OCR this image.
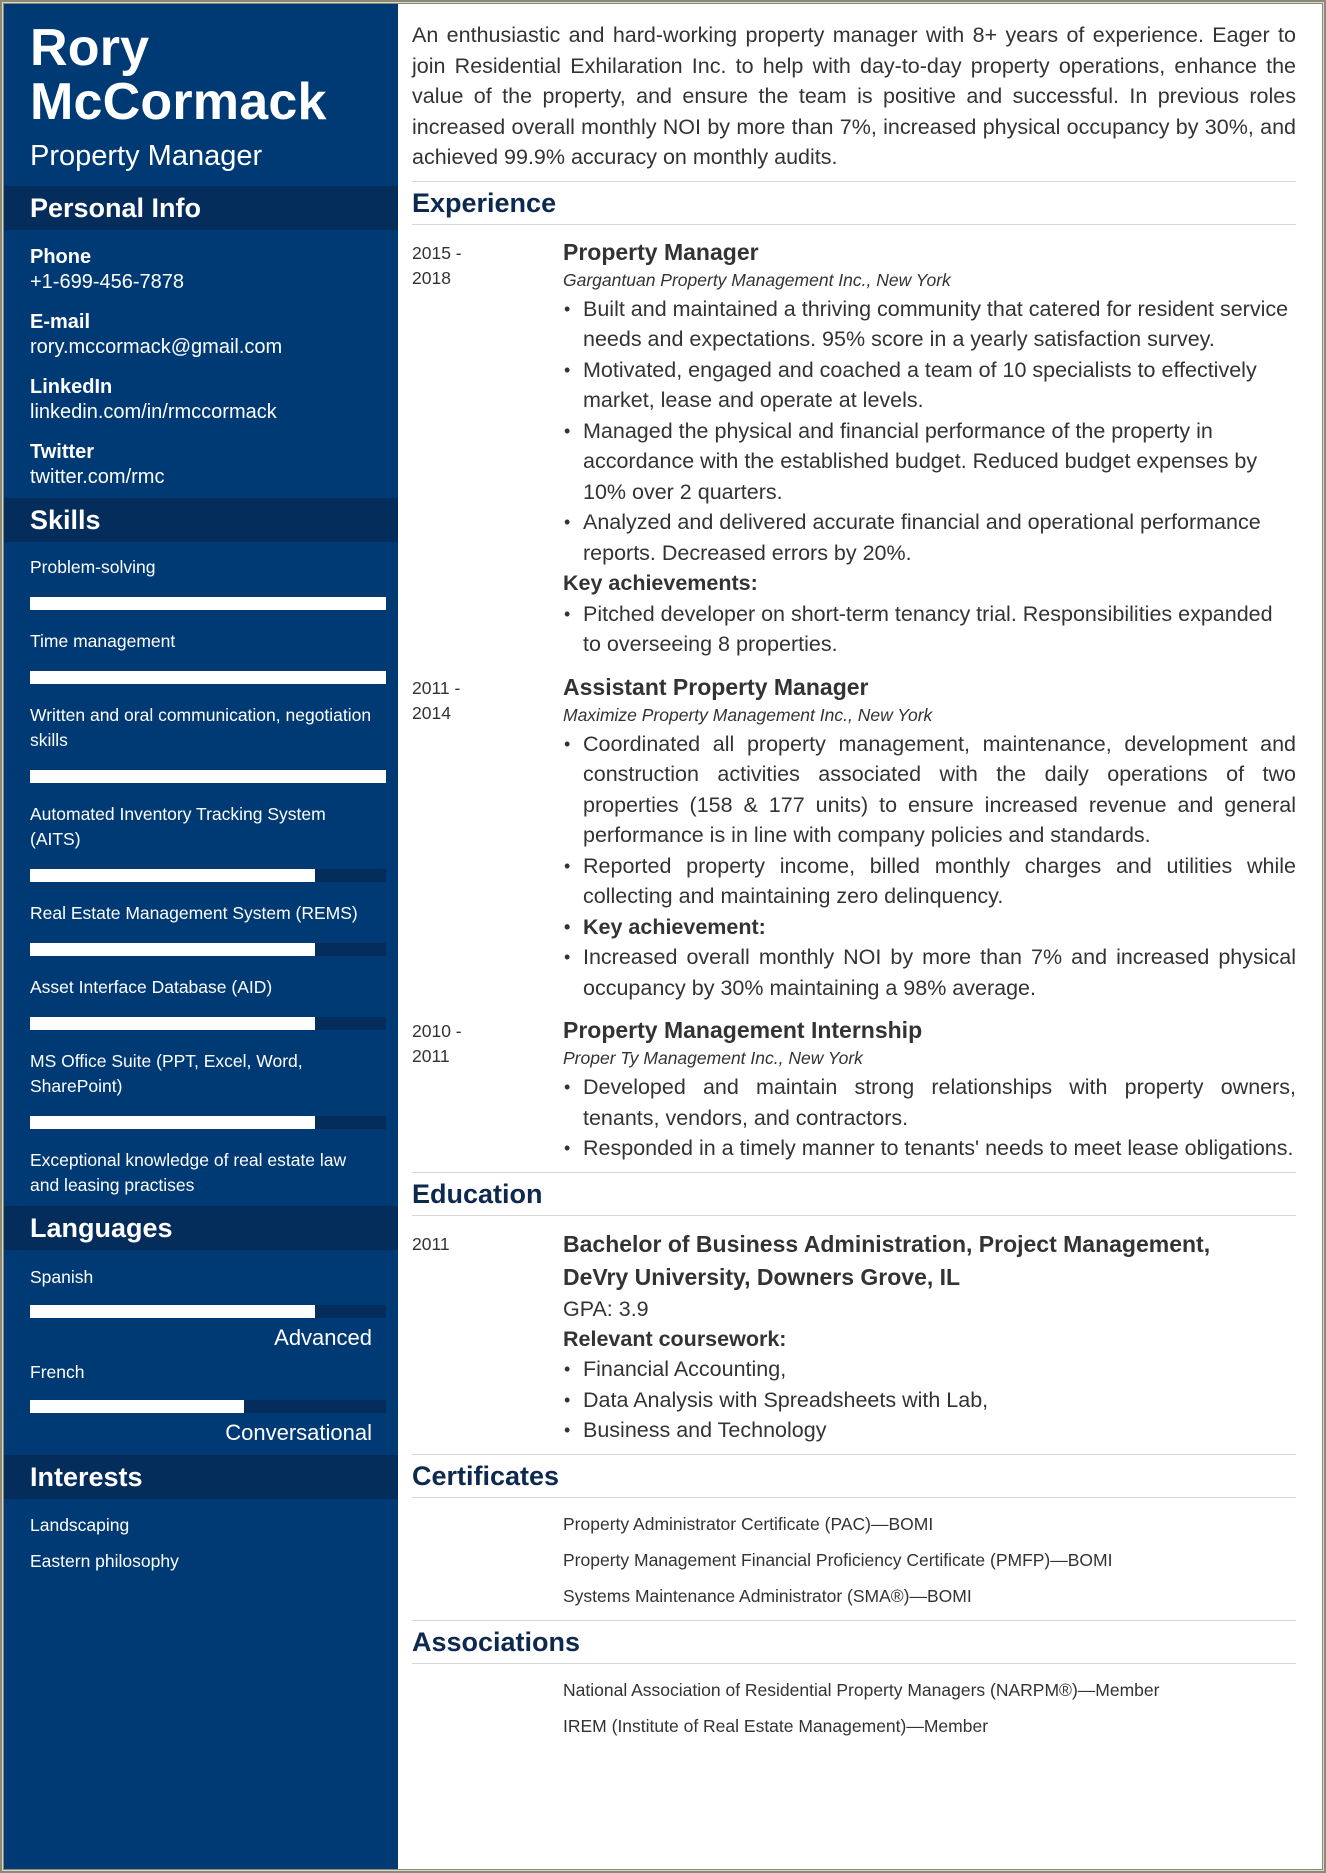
Rory
McCormack
Property Manager
Personal Info
Phone
+1-699-456-7878
E-mail
rory.mccormack@gmail.com
LinkedIn
linkedin.com/in/rmccormack
Twitter
twitter.com/rmc
Skills
Problem-solving
Time management
Written and oral communication, negotiation skills
Automated Inventory Tracking System (AITS)
Real Estate Management System (REMS)
Asset Interface Database (AID)
MS Office Suite (PPT, Excel, Word, SharePoint)
Exceptional knowledge of real estate law and leasing practises
Languages
Spanish
Advanced
French
Conversational
Interests
Landscaping
Eastern philosophy

An enthusiastic and hard-working property manager with 8+ years of experience. Eager to join Residential Exhilaration Inc. to help with day-to-day property operations, enhance the value of the property, and ensure the team is positive and successful. In previous roles increased overall monthly NOI by more than 7%, increased physical occupancy by 30%, and achieved 99.9% accuracy on monthly audits.

Experience
2015 -
2018
Property Manager
Gargantuan Property Management Inc., New York
• Built and maintained a thriving community that catered for resident service needs and expectations. 95% score in a yearly satisfaction survey.
• Motivated, engaged and coached a team of 10 specialists to effectively market, lease and operate at levels.
• Managed the physical and financial performance of the property in accordance with the established budget. Reduced budget expenses by 10% over 2 quarters.
• Analyzed and delivered accurate financial and operational performance reports. Decreased errors by 20%.
Key achievements:
• Pitched developer on short-term tenancy trial. Responsibilities expanded to overseeing 8 properties.
2011 -
2014
Assistant Property Manager
Maximize Property Management Inc., New York
• Coordinated all property management, maintenance, development and construction activities associated with the daily operations of two properties (158 & 177 units) to ensure increased revenue and general performance is in line with company policies and standards.
• Reported property income, billed monthly charges and utilities while collecting and maintaining zero delinquency.
• Key achievement:
• Increased overall monthly NOI by more than 7% and increased physical occupancy by 30% maintaining a 98% average.
2010 -
2011
Property Management Internship
Proper Ty Management Inc., New York
• Developed and maintain strong relationships with property owners, tenants, vendors, and contractors.
• Responded in a timely manner to tenants' needs to meet lease obligations.
Education
2011	Bachelor of Business Administration, Project Management,
DeVry University, Downers Grove, IL
GPA: 3.9
Relevant coursework:
• Financial Accounting,
• Data Analysis with Spreadsheets with Lab,
• Business and Technology
Certificates
Property Administrator Certificate (PAC)—BOMI
Property Management Financial Proficiency Certificate (PMFP)—BOMI
Systems Maintenance Administrator (SMA®)—BOMI
Associations
National Association of Residential Property Managers (NARPM®)—Member
IREM (Institute of Real Estate Management)—Member
